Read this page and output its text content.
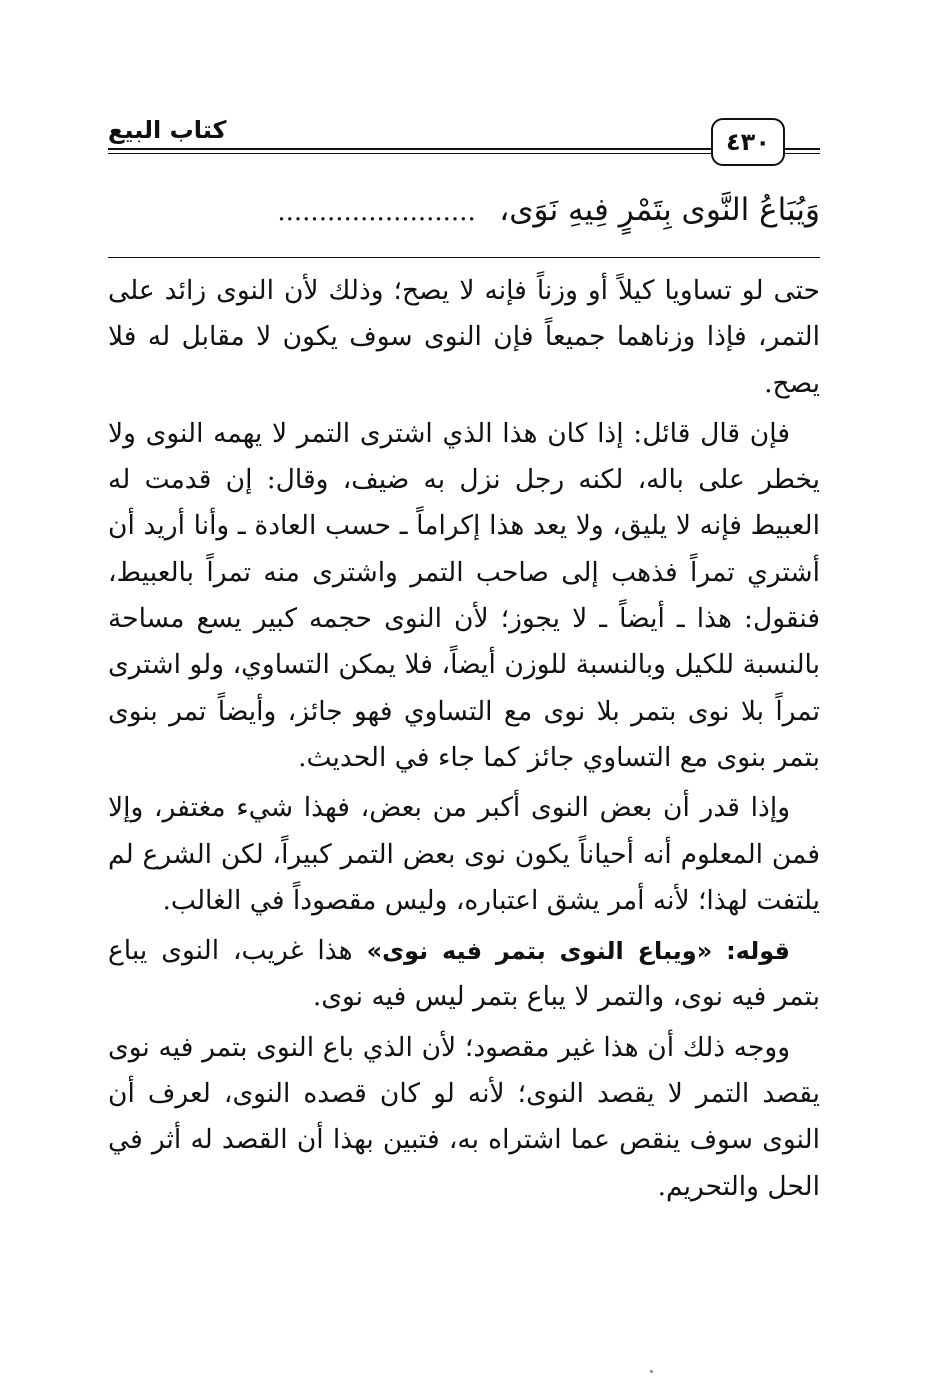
كتاب البيع	٤٣٠
وَيُبَاعُ النَّوى بِتَمْرٍ فِيهِ نَوَى، ........................

حتى لو تساويا كيلاً أو وزناً فإنه لا يصح؛ وذلك لأن النوى زائد على التمر، فإذا وزناهما جميعاً فإن النوى سوف يكون لا مقابل له فلا يصح.

فإن قال قائل: إذا كان هذا الذي اشترى التمر لا يهمه النوى ولا يخطر على باله، لكنه رجل نزل به ضيف، وقال: إن قدمت له العبيط فإنه لا يليق، ولا يعد هذا إكراماً ـ حسب العادة ـ وأنا أريد أن أشتري تمراً فذهب إلى صاحب التمر واشترى منه تمراً بالعبيط، فنقول: هذا ـ أيضاً ـ لا يجوز؛ لأن النوى حجمه كبير يسع مساحة بالنسبة للكيل وبالنسبة للوزن أيضاً، فلا يمكن التساوي، ولو اشترى تمراً بلا نوى بتمر بلا نوى مع التساوي فهو جائز، وأيضاً تمر بنوى بتمر بنوى مع التساوي جائز كما جاء في الحديث.

وإذا قدر أن بعض النوى أكبر من بعض، فهذا شيء مغتفر، وإلا فمن المعلوم أنه أحياناً يكون نوى بعض التمر كبيراً، لكن الشرع لم يلتفت لهذا؛ لأنه أمر يشق اعتباره، وليس مقصوداً في الغالب.

قوله: «ويباع النوى بتمر فيه نوى» هذا غريب، النوى يباع بتمر فيه نوى، والتمر لا يباع بتمر ليس فيه نوى.

ووجه ذلك أن هذا غير مقصود؛ لأن الذي باع النوى بتمر فيه نوى يقصد التمر لا يقصد النوى؛ لأنه لو كان قصده النوى، لعرف أن النوى سوف ينقص عما اشتراه به، فتبين بهذا أن القصد له أثر في الحل والتحريم.
